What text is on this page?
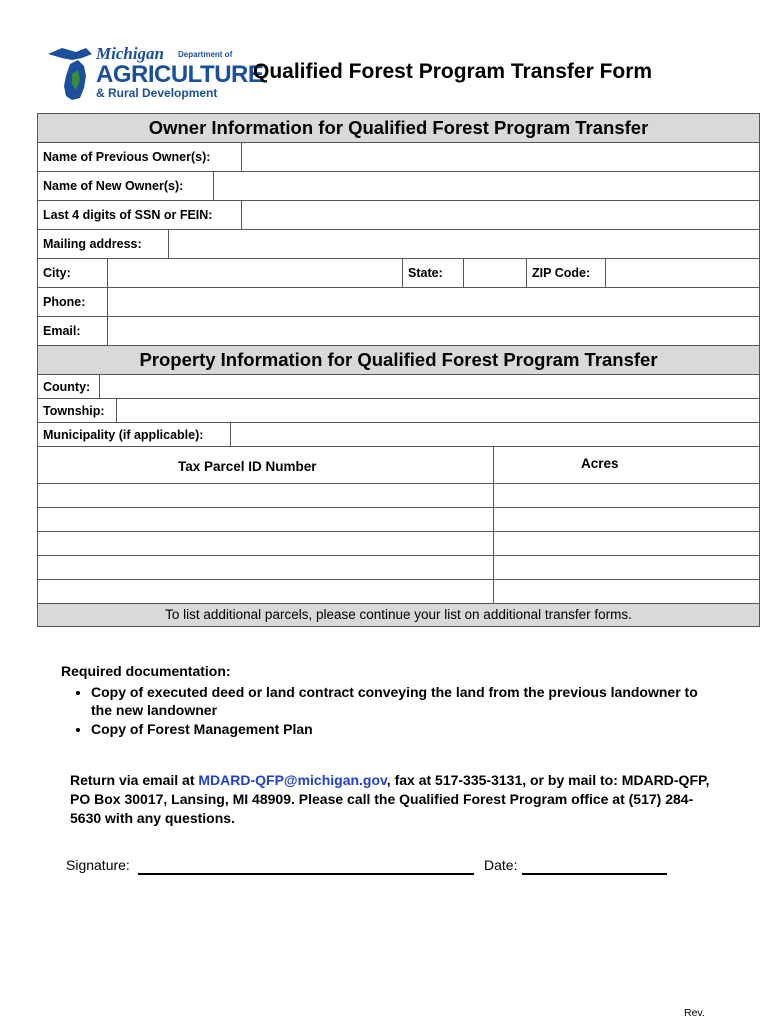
Michigan Department of
AGRICULTURE
& Rural Development
Qualified Forest Program Transfer Form
Owner Information for Qualified Forest Program Transfer
Name of Previous Owner(s):
Name of New Owner(s):
Last 4 digits of SSN or FEIN:
Mailing address:
City:	State:	ZIP Code:
Phone:
Email:
Property Information for Qualified Forest Program Transfer
County:
Township:
Municipality (if applicable):
Tax Parcel ID Number	Acres
To list additional parcels, please continue your list on additional transfer forms.
Required documentation:
• Copy of executed deed or land contract conveying the land from the previous landowner to the new landowner
• Copy of Forest Management Plan
Return via email at MDARD-QFP@michigan.gov, fax at 517-335-3131, or by mail to: MDARD-QFP, PO Box 30017, Lansing, MI 48909. Please call the Qualified Forest Program office at (517) 284-5630 with any questions.
Signature:	Date:
Rev.
